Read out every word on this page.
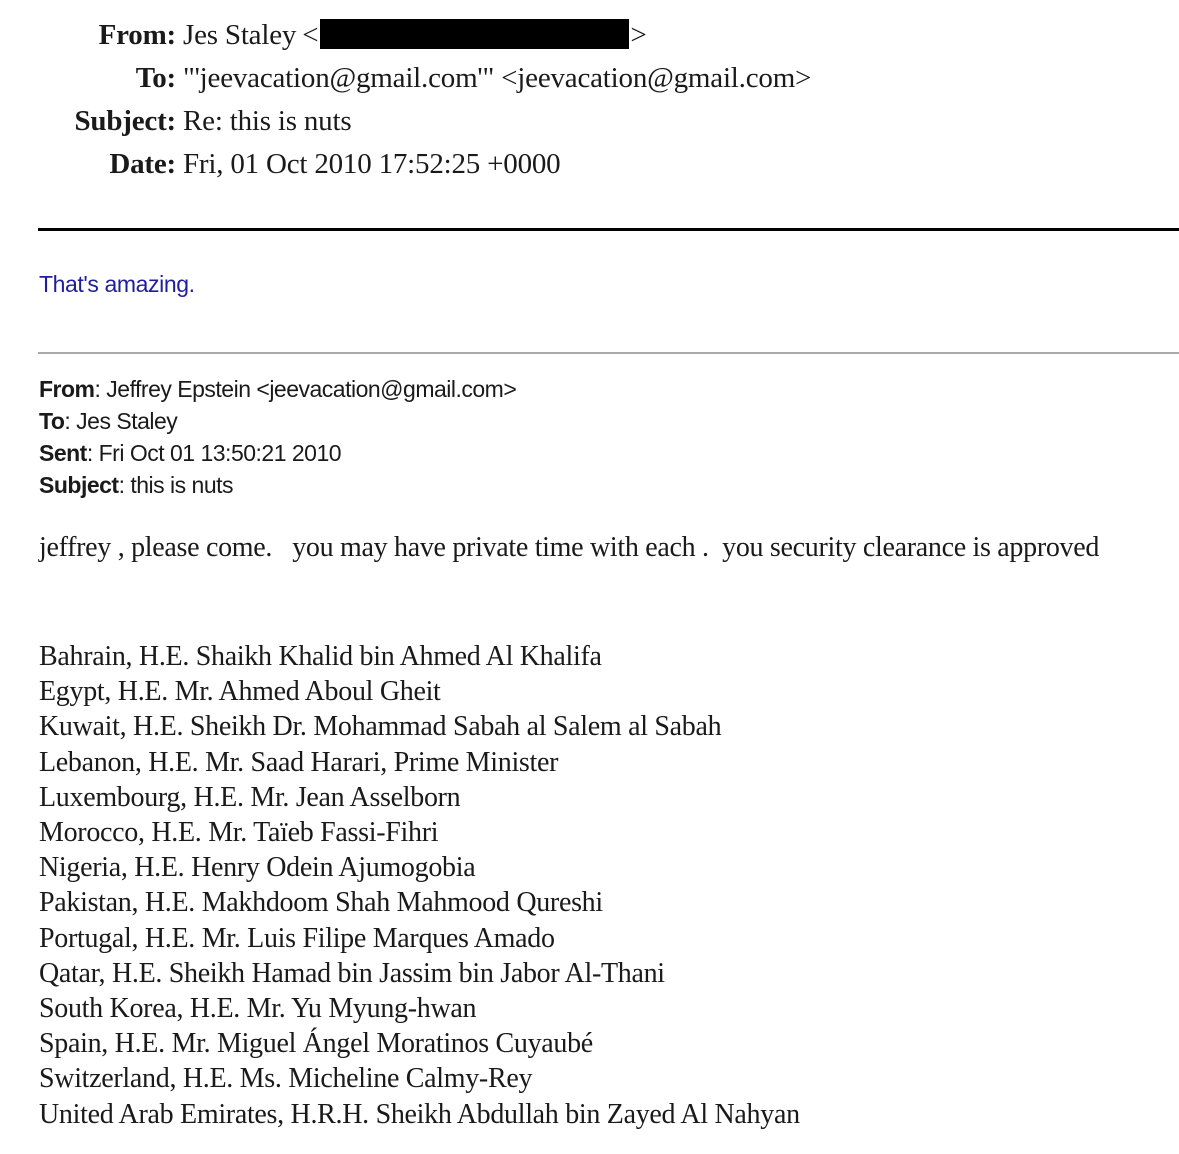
From: Jes Staley <	>
To: "'jeevacation@gmail.com'" <jeevacation@gmail.com>
Subject: Re: this is nuts
Date: Fri, 01 Oct 2010 17:52:25 +0000
That's amazing.
From: Jeffrey Epstein <jeevacation@gmail.com>
To: Jes Staley
Sent: Fri Oct 01 13:50:21 2010
Subject: this is nuts
jeffrey , please come.   you may have private time with each .  you security clearance is approved
Bahrain, H.E. Shaikh Khalid bin Ahmed Al Khalifa
Egypt, H.E. Mr. Ahmed Aboul Gheit
Kuwait, H.E. Sheikh Dr. Mohammad Sabah al Salem al Sabah
Lebanon, H.E. Mr. Saad Harari, Prime Minister
Luxembourg, H.E. Mr. Jean Asselborn
Morocco, H.E. Mr. Taïeb Fassi-Fihri
Nigeria, H.E. Henry Odein Ajumogobia
Pakistan, H.E. Makhdoom Shah Mahmood Qureshi
Portugal, H.E. Mr. Luis Filipe Marques Amado
Qatar, H.E. Sheikh Hamad bin Jassim bin Jabor Al-Thani
South Korea, H.E. Mr. Yu Myung-hwan
Spain, H.E. Mr. Miguel Ángel Moratinos Cuyaubé
Switzerland, H.E. Ms. Micheline Calmy-Rey
United Arab Emirates, H.R.H. Sheikh Abdullah bin Zayed Al Nahyan
